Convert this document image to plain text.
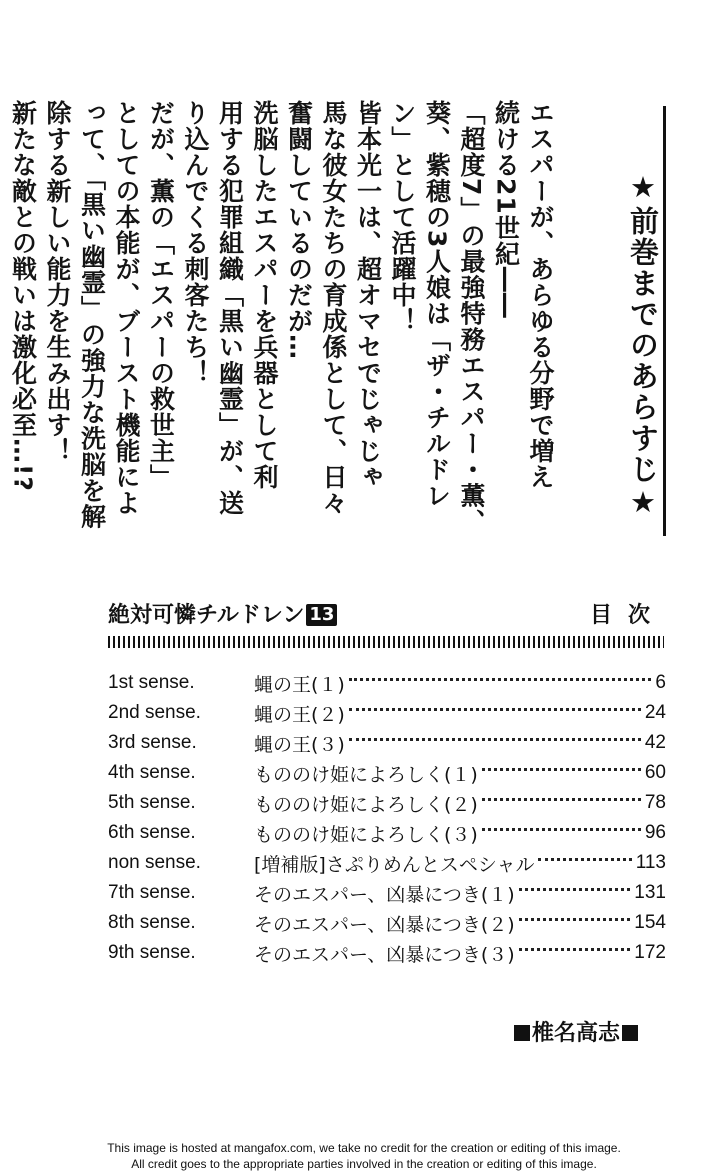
★前巻までのあらすじ★
エスパーが、あらゆる分野で増え
続ける21世紀――
「超度7」の最強特務エスパー・薫、
葵、紫穂の3人娘は「ザ・チルドレ
ン」として活躍中！
皆本光一は、超オマセでじゃじゃ
馬な彼女たちの育成係として、日々
奮闘しているのだが…
洗脳したエスパーを兵器として利
用する犯罪組織「黒い幽霊」が、送
り込んでくる刺客たち！
だが、薫の「エスパーの救世主」
としての本能が、ブースト機能によ
って、「黒い幽霊」の強力な洗脳を解
除する新しい能力を生み出す！
新たな敵との戦いは激化必至…!?
絶対可憐チルドレン 13	目次
1st sense.	蝿の王(１)	6
2nd sense.	蝿の王(２)	24
3rd sense.	蝿の王(３)	42
4th sense.	もののけ姫によろしく(１)	60
5th sense.	もののけ姫によろしく(２)	78
6th sense.	もののけ姫によろしく(３)	96
non sense.	[増補版]さぷりめんとスペシャル	113
7th sense.	そのエスパー、凶暴につき(１)	131
8th sense.	そのエスパー、凶暴につき(２)	154
9th sense.	そのエスパー、凶暴につき(３)	172
椎名高志
This image is hosted at mangafox.com, we take no credit for the creation or editing of this image.
All credit goes to the appropriate parties involved in the creation or editing of this image.
